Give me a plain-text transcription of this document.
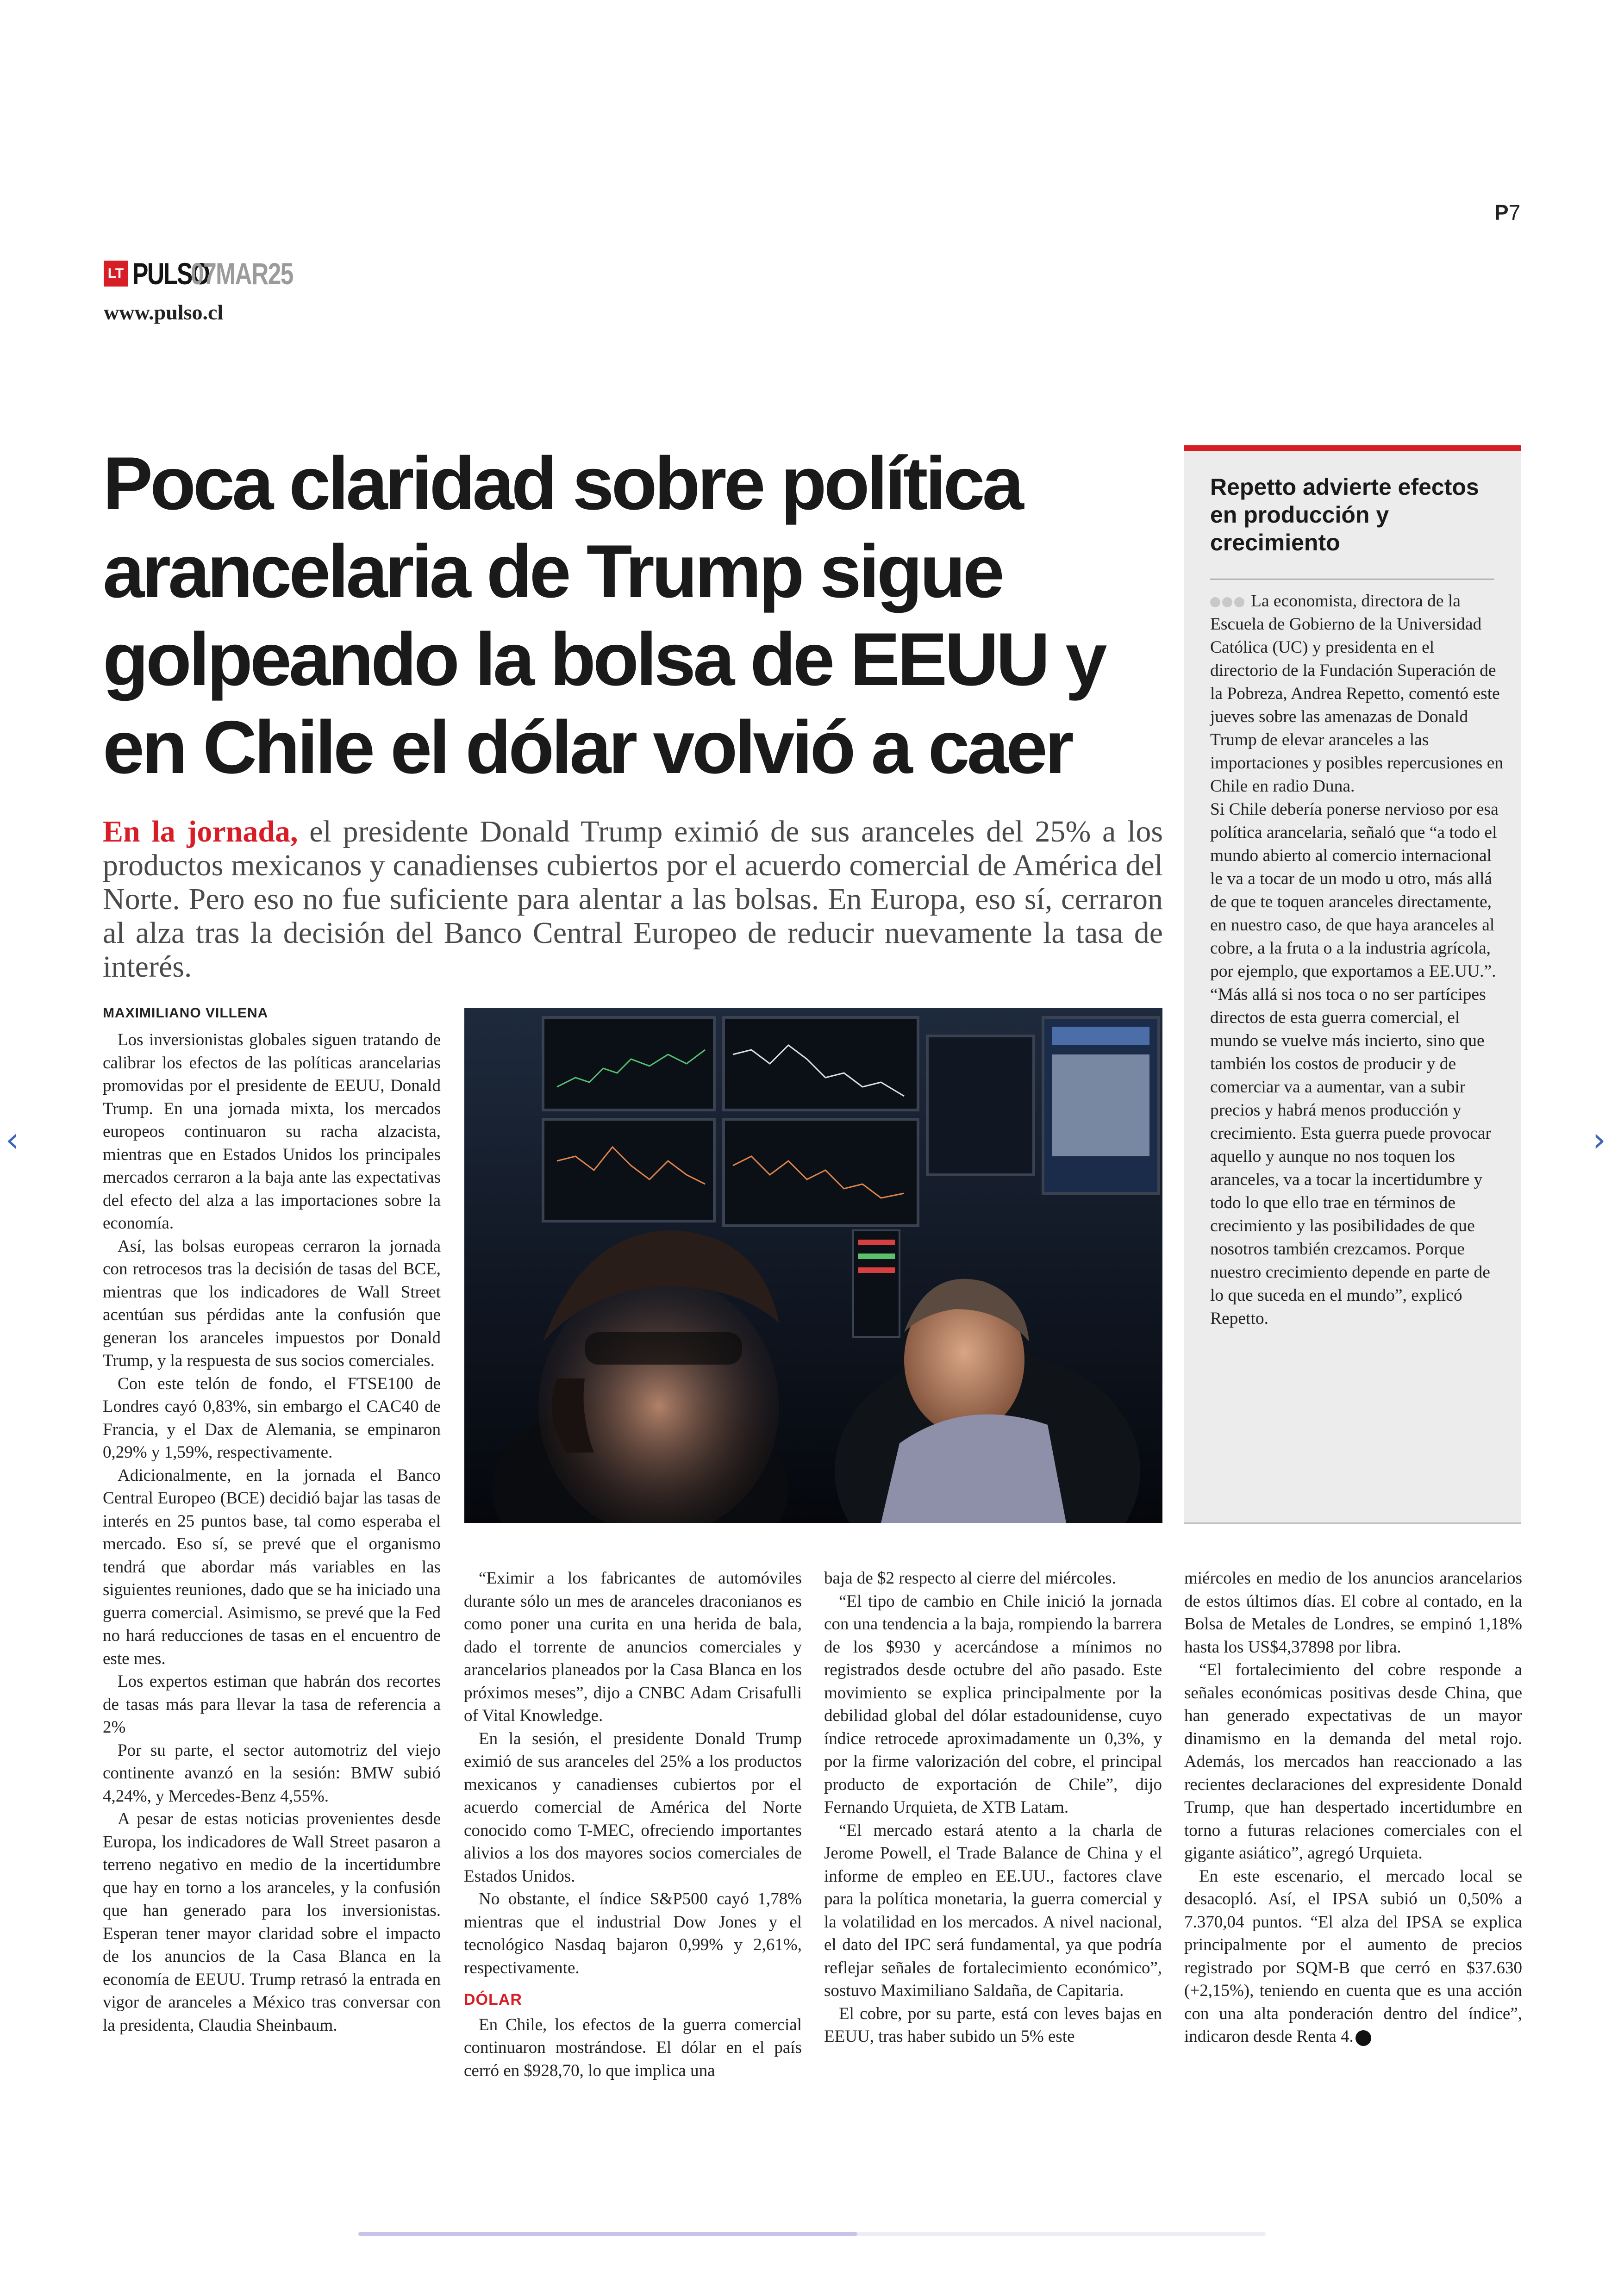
P7
LT PULSO
07MAR25
www.pulso.cl
Poca claridad sobre política arancelaria de Trump sigue golpeando la bolsa de EEUU y en Chile el dólar volvió a caer

En la jornada, el presidente Donald Trump eximió de sus aranceles del 25% a los productos mexicanos y canadienses cubiertos por el acuerdo comercial de América del Norte. Pero eso no fue suficiente para alentar a las bolsas. En Europa, eso sí, cerraron al alza tras la decisión del Banco Central Europeo de reducir nuevamente la tasa de interés.

MAXIMILIANO VILLENA

Los inversionistas globales siguen tratando de calibrar los efectos de las políticas arancelarias promovidas por el presidente de EEUU, Donald Trump. En una jornada mixta, los mercados europeos continuaron su racha alzacista, mientras que en Estados Unidos los principales mercados cerraron a la baja ante las expectativas del efecto del alza a las importaciones sobre la economía.

Así, las bolsas europeas cerraron la jornada con retrocesos tras la decisión de tasas del BCE, mientras que los indicadores de Wall Street acentúan sus pérdidas ante la confusión que generan los aranceles impuestos por Donald Trump, y la respuesta de sus socios comerciales.

Con este telón de fondo, el FTSE100 de Londres cayó 0,83%, sin embargo el CAC40 de Francia, y el Dax de Alemania, se empinaron 0,29% y 1,59%, respectivamente.

Adicionalmente, en la jornada el Banco Central Europeo (BCE) decidió bajar las tasas de interés en 25 puntos base, tal como esperaba el mercado. Eso sí, se prevé que el organismo tendrá que abordar más variables en las siguientes reuniones, dado que se ha iniciado una guerra comercial. Asimismo, se prevé que la Fed no hará reducciones de tasas en el encuentro de este mes.

Los expertos estiman que habrán dos recortes de tasas más para llevar la tasa de referencia a 2%

Por su parte, el sector automotriz del viejo continente avanzó en la sesión: BMW subió 4,24%, y Mercedes-Benz 4,55%.

A pesar de estas noticias provenientes desde Europa, los indicadores de Wall Street pasaron a terreno negativo en medio de la incertidumbre que hay en torno a los aranceles, y la confusión que han generado para los inversionistas. Esperan tener mayor claridad sobre el impacto de los anuncios de la Casa Blanca en la economía de EEUU. Trump retrasó la entrada en vigor de aranceles a México tras conversar con la presidenta, Claudia Sheinbaum.

“Eximir a los fabricantes de automóviles durante sólo un mes de aranceles draconianos es como poner una curita en una herida de bala, dado el torrente de anuncios comerciales y arancelarios planeados por la Casa Blanca en los próximos meses”, dijo a CNBC Adam Crisafulli of Vital Knowledge.

En la sesión, el presidente Donald Trump eximió de sus aranceles del 25% a los productos mexicanos y canadienses cubiertos por el acuerdo comercial de América del Norte conocido como T-MEC, ofreciendo importantes alivios a los dos mayores socios comerciales de Estados Unidos.

No obstante, el índice S&P500 cayó 1,78% mientras que el industrial Dow Jones y el tecnológico Nasdaq bajaron 0,99% y 2,61%, respectivamente.

DÓLAR

En Chile, los efectos de la guerra comercial continuaron mostrándose. El dólar en el país cerró en $928,70, lo que implica una

baja de $2 respecto al cierre del miércoles.

“El tipo de cambio en Chile inició la jornada con una tendencia a la baja, rompiendo la barrera de los $930 y acercándose a mínimos no registrados desde octubre del año pasado. Este movimiento se explica principalmente por la debilidad global del dólar estadounidense, cuyo índice retrocede aproximadamente un 0,3%, y por la firme valorización del cobre, el principal producto de exportación de Chile”, dijo Fernando Urquieta, de XTB Latam.

“El mercado estará atento a la charla de Jerome Powell, el Trade Balance de China y el informe de empleo en EE.UU., factores clave para la política monetaria, la guerra comercial y la volatilidad en los mercados. A nivel nacional, el dato del IPC será fundamental, ya que podría reflejar señales de fortalecimiento económico”, sostuvo Maximiliano Saldaña, de Capitaria.

El cobre, por su parte, está con leves bajas en EEUU, tras haber subido un 5% este

miércoles en medio de los anuncios arancelarios de estos últimos días. El cobre al contado, en la Bolsa de Metales de Londres, se empinó 1,18% hasta los US$4,37898 por libra.

“El fortalecimiento del cobre responde a señales económicas positivas desde China, que han generado expectativas de un mayor dinamismo en la demanda del metal rojo. Además, los mercados han reaccionado a las recientes declaraciones del expresidente Donald Trump, que han despertado incertidumbre en torno a futuras relaciones comerciales con el gigante asiático”, agregó Urquieta.

En este escenario, el mercado local se desacopló. Así, el IPSA subió un 0,50% a 7.370,04 puntos. “El alza del IPSA se explica principalmente por el aumento de precios registrado por SQM-B que cerró en $37.630 (+2,15%), teniendo en cuenta que es una acción con una alta ponderación dentro del índice”, indicaron desde Renta 4. P

Repetto advierte efectos en producción y crecimiento

La economista, directora de la Escuela de Gobierno de la Universidad Católica (UC) y presidenta en el directorio de la Fundación Superación de la Pobreza, Andrea Repetto, comentó este jueves sobre las amenazas de Donald Trump de elevar aranceles a las importaciones y posibles repercusiones en Chile en radio Duna.

Si Chile debería ponerse nervioso por esa política arancelaria, señaló que “a todo el mundo abierto al comercio internacional le va a tocar de un modo u otro, más allá de que te toquen aranceles directamente, en nuestro caso, de que haya aranceles al cobre, a la fruta o a la industria agrícola, por ejemplo, que exportamos a EE.UU.”.

“Más allá si nos toca o no ser partícipes directos de esta guerra comercial, el mundo se vuelve más incierto, sino que también los costos de producir y de comerciar va a aumentar, van a subir precios y habrá menos producción y crecimiento. Esta guerra puede provocar aquello y aunque no nos toquen los aranceles, va a tocar la incertidumbre y todo lo que ello trae en términos de crecimiento y las posibilidades de que nosotros también crezcamos. Porque nuestro crecimiento depende en parte de lo que suceda en el mundo”, explicó Repetto.

‹	›
